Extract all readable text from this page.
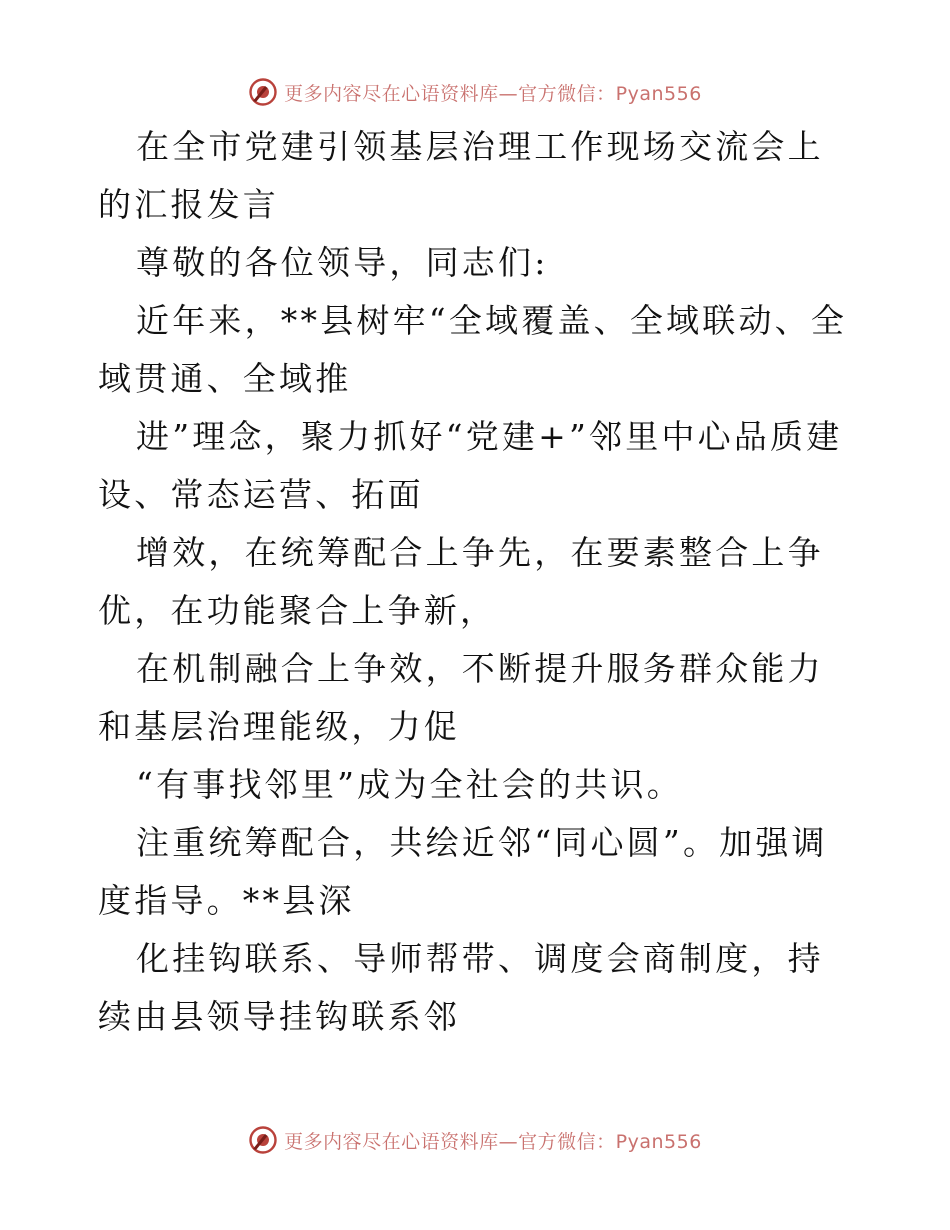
更多内容尽在心语资料库—官方微信：Pyan556

在全市党建引领基层治理工作现场交流会上的汇报发言

尊敬的各位领导，同志们:

近年来，**县树牢“全域覆盖、全域联动、全域贯通、全域推

进”理念，聚力抓好“党建+”邻里中心品质建设、常态运营、拓面

增效，在统筹配合上争先，在要素整合上争优，在功能聚合上争新，

在机制融合上争效，不断提升服务群众能力和基层治理能级，力促

“有事找邻里”成为全社会的共识。

注重统筹配合，共绘近邻“同心圆”。加强调度指导。**县深

化挂钩联系、导师帮带、调度会商制度，持续由县领导挂钩联系邻

更多内容尽在心语资料库—官方微信：Pyan556
